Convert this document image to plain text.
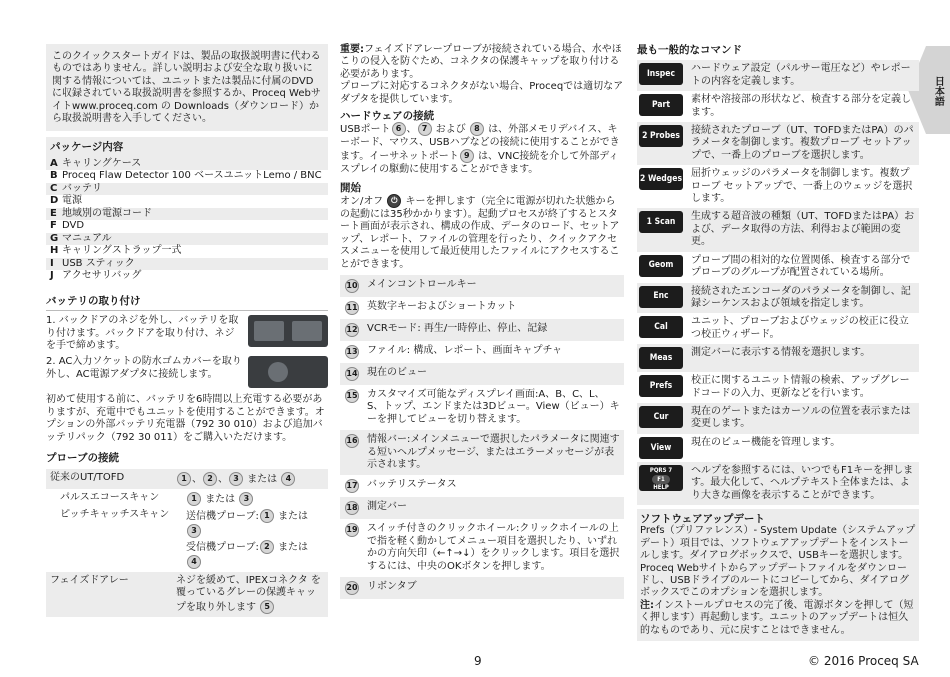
日本語
このクイックスタートガイドは、製品の取扱説明書に代わるものではありません。詳しい説明および安全な取り扱いに関する情報については、ユニットまたは製品に付属のDVDに収録されている取扱説明書を参照するか、Proceq Webサイトwww.proceq.com の Downloads（ダウンロード）から取扱説明書を入手してください。
パッケージ内容
A キャリングケース
B Proceq Flaw Detector 100 ベースユニットLemo / BNC
C バッテリ
D 電源
E 地域別の電源コード
F DVD
G マニュアル
H キャリングストラップ一式
I USB スティック
J アクセサリバッグ
バッテリの取り付け
1. バックドアのネジを外し、バッテリを取り付けます。バックドアを取り付け、ネジを手で締めます。
2. AC入力ソケットの防水ゴムカバーを取り外し、AC電源アダプタに接続します。
初めて使用する前に、バッテリを6時間以上充電する必要がありますが、充電中でもユニットを使用することができます。オプションの外部バッテリ充電器（792 30 010）および追加バッテリパック（792 30 011）をご購入いただけます。
プローブの接続
従来のUT/TOFD	1 、 2 、 3 または 4
パルスエコースキャン	1 または 3
ピッチキャッチスキャン	送信機プローブ: 1 または 3
受信機プローブ: 2 または 4
フェイズドアレー	ネジを緩めて、IPEXコネクタ を覆っているグレーの保護キャップを取り外します 5
重要:フェイズドアレープローブが接続されている場合、水やほこりの侵入を防ぐため、コネクタの保護キャップを取り付ける必要があります。
プローブに対応するコネクタがない場合、Proceqでは適切なアダプタを提供しています。
ハードウェアの接続
USBポート 6 、 7 および 8 は、外部メモリデバイス、キーボード、マウス、USBハブなどの接続に使用することができます。イーサネットポート 9 は、VNC接続を介して外部ディスプレイの駆動に使用することができます。
開始
オン/オフ ⏻ キーを押します（完全に電源が切れた状態からの起動には35秒かかります）。起動プロセスが終了するとスタート画面が表示され、構成の作成、データのロード、セットアップ、レポート、ファイルの管理を行ったり、クイックアクセスメニューを使用して最近使用したファイルにアクセスすることができます。
10 メインコントロールキー
11 英数字キーおよびショートカット
12 VCRモード: 再生/一時停止、停止、記録
13 ファイル: 構成、レポート、画面キャプチャ
14 現在のビュー
15 カスタマイズ可能なディスプレイ画面:A、B、C、L、S、トップ、エンドまたは3Dビュー。View（ビュー）キーを押してビューを切り替えます。
16 情報バー:メインメニューで選択したパラメータに関連する短いヘルプメッセージ、またはエラーメッセージが表示されます。
17 バッテリステータス
18 測定バー
19 スイッチ付きのクリックホイール:クリックホイールの上で指を軽く動かしてメニュー項目を選択したり、いずれかの方向矢印（←↑→↓）をクリックします。項目を選択するには、中央のOKボタンを押します。
20 リボンタブ
最も一般的なコマンド
Inspec	ハードウェア設定（パルサー電圧など）やレポートの内容を定義します。
Part	素材や溶接部の形状など、検査する部分を定義します。
2 Probes	接続されたプローブ（UT、TOFDまたはPA）のパラメータを制御します。複数プローブ セットアップで、一番上のプローブを選択します。
2 Wedges 屈折ウェッジのパラメータを制御します。複数プローブ セットアップで、一番上のウェッジを選択します。
1 Scan	生成する超音波の種類（UT、TOFDまたはPA）および、データ取得の方法、利得および範囲の変更。
Geom	プローブ間の相対的な位置関係、検査する部分でプローブのグループが配置されている場所。
Enc	接続されたエンコーダのパラメータを制御し、記録シーケンスおよび領域を指定します。
Cal	ユニット、プローブおよびウェッジの校正に役立つ校正ウィザード。
Meas	測定バーに表示する情報を選択します。
Prefs	校正に関するユニット情報の検索、アップグレードコードの入力、更新などを行います。
Cur	現在のゲートまたはカーソルの位置を表示または変更します。
View	現在のビュー機能を管理します。
PQRS 7
F1
HELP
ヘルプを参照するには、いつでもF1キーを押します。最大化して、ヘルプテキスト全体または、より大きな画像を表示することができます。
ソフトウェアアップデート
Prefs（プリファレンス）- System Update（システムアップデート）項目では、ソフトウェアアップデートをインストールします。ダイアログボックスで、USBキーを選択します。
Proceq Webサイトからアップデートファイルをダウンロードし、USBドライブのルートにコピーしてから、ダイアログボックスでこのオプションを選択します。
注:インストールプロセスの完了後、電源ボタンを押して（短く押します）再起動します。ユニットのアップデートは恒久的なものであり、元に戻すことはできません。
9	© 2016 Proceq SA
